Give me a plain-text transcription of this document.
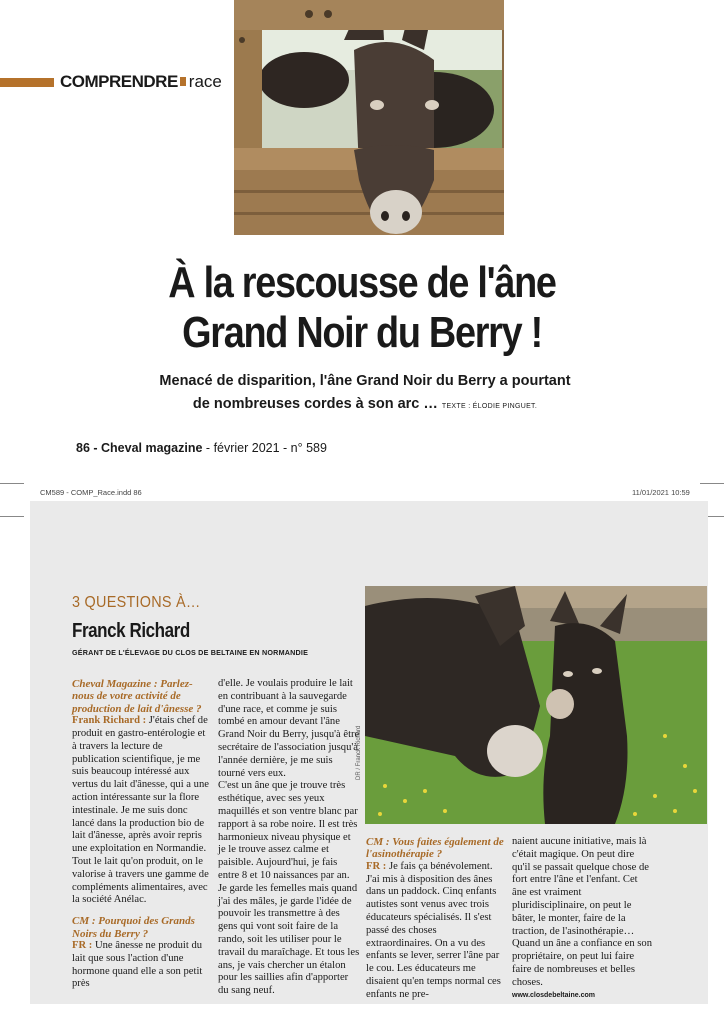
COMPRENDRE race
À la rescousse de l'âne
Grand Noir du Berry !
Menacé de disparition, l'âne Grand Noir du Berry a pourtant
de nombreuses cordes à son arc … TEXTE : ÉLODIE PINGUET.
86 - Cheval magazine - février 2021 - n° 589
CM589 - COMP_Race.indd 86	11/01/2021 10:59
3 QUESTIONS À…
Franck Richard
GÉRANT DE L'ÉLEVAGE DU CLOS DE BELTAINE EN NORMANDIE

Cheval Magazine : Parlez-nous de votre activité de production de lait d'ânesse ?

Frank Richard : J'étais chef de produit en gastro-entérologie et à travers la lecture de publication scientifique, je me suis beaucoup intéressé aux vertus du lait d'ânesse, qui a une action intéressante sur la flore intestinale. Je me suis donc lancé dans la production bio de lait d'ânesse, après avoir repris une exploitation en Normandie. Tout le lait qu'on produit, on le valorise à travers une gamme de compléments alimentaires, avec la société Anélac.

CM : Pourquoi des Grands Noirs du Berry ?

FR : Une ânesse ne produit du lait que sous l'action d'une hormone quand elle a son petit près

d'elle. Je voulais produire le lait en contribuant à la sauvegarde d'une race, et comme je suis tombé en amour devant l'âne Grand Noir du Berry, jusqu'à être secrétaire de l'association jusqu'à l'année dernière, je me suis tourné vers eux.

C'est un âne que je trouve très esthétique, avec ses yeux maquillés et son ventre blanc par rapport à sa robe noire. Il est très harmonieux niveau physique et je le trouve assez calme et paisible. Aujourd'hui, je fais entre 8 et 10 naissances par an. Je garde les femelles mais quand j'ai des mâles, je garde l'idée de pouvoir les transmettre à des gens qui vont soit faire de la rando, soit les utiliser pour le travail du maraîchage. Et tous les ans, je vais chercher un étalon pour les saillies afin d'apporter du sang neuf.

DR / Franck Richard

CM : Vous faites également de l'asinothérapie ?

FR : Je fais ça bénévolement. J'ai mis à disposition des ânes dans un paddock. Cinq enfants autistes sont venus avec trois éducateurs spécialisés. Il s'est passé des choses extraordinaires. On a vu des enfants se lever, serrer l'âne par le cou. Les éducateurs me disaient qu'en temps normal ces enfants ne pre-

naient aucune initiative, mais là c'était magique. On peut dire qu'il se passait quelque chose de fort entre l'âne et l'enfant. Cet âne est vraiment pluridisciplinaire, on peut le bâter, le monter, faire de la traction, de l'asinothérapie… Quand un âne a confiance en son propriétaire, on peut lui faire faire de nombreuses et belles choses.

www.closdebeltaine.com
